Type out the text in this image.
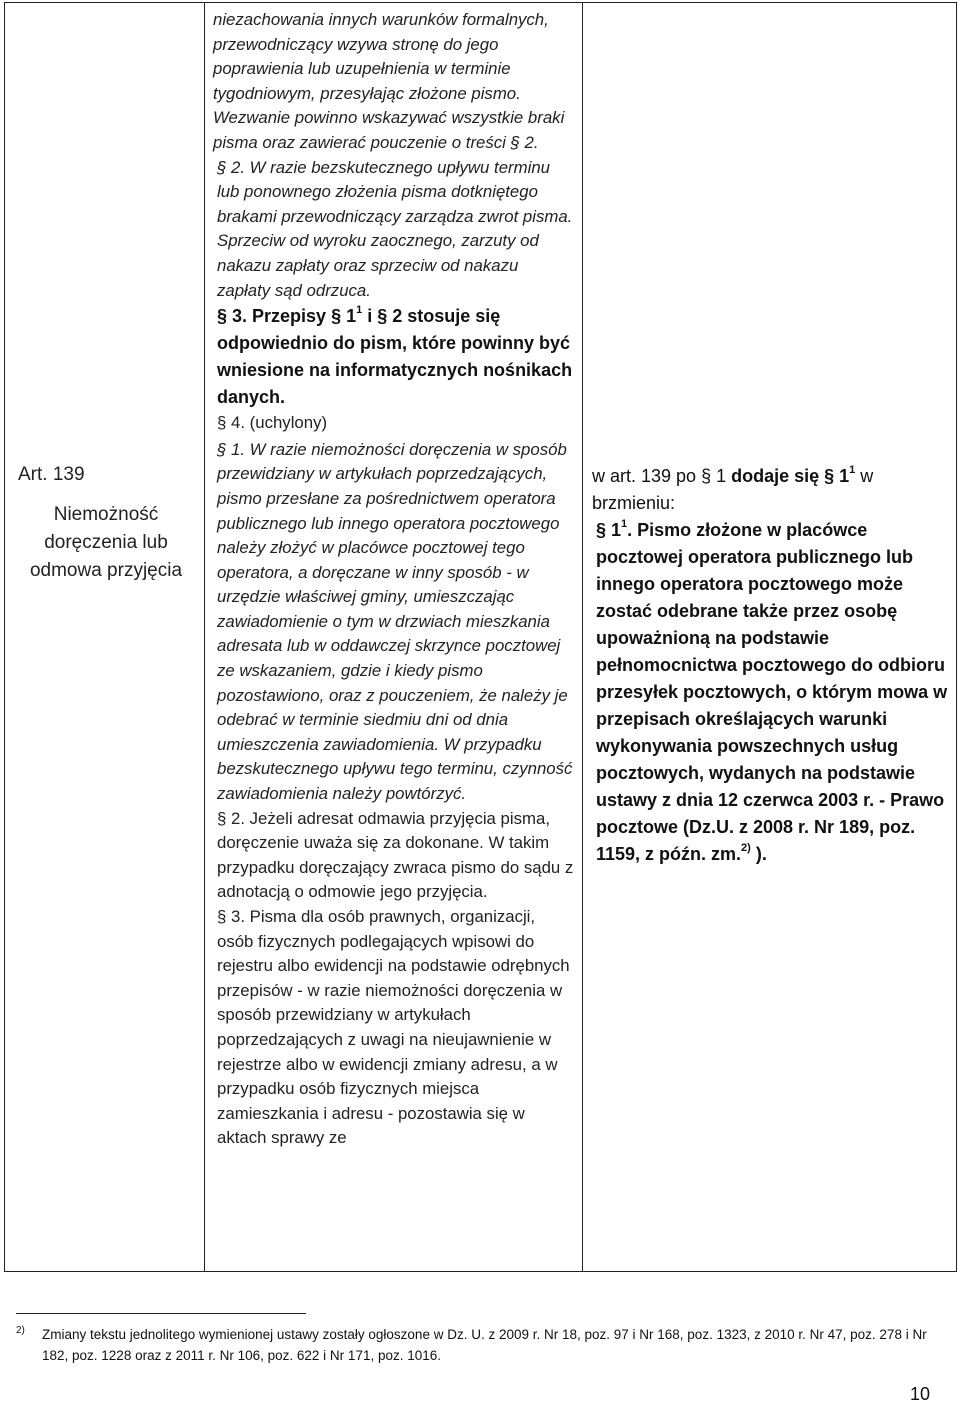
Art. 139
Niemożność doręczenia lub odmowa przyjęcia

niezachowania innych warunków formalnych, przewodniczący wzywa stronę do jego poprawienia lub uzupełnienia w terminie tygodniowym, przesyłając złożone pismo. Wezwanie powinno wskazywać wszystkie braki pisma oraz zawierać pouczenie o treści § 2.

§ 2. W razie bezskutecznego upływu terminu lub ponownego złożenia pisma dotkniętego brakami przewodniczący zarządza zwrot pisma. Sprzeciw od wyroku zaocznego, zarzuty od nakazu zapłaty oraz sprzeciw od nakazu zapłaty sąd odrzuca.

§ 3. Przepisy § $1^1$ i § 2 stosuje się odpowiednio do pism, które powinny być wniesione na informatycznych nośnikach danych.

§ 4. (uchylony)

§ 1. W razie niemożności doręczenia w sposób przewidziany w artykułach poprzedzających, pismo przesłane za pośrednictwem operatora publicznego lub innego operatora pocztowego należy złożyć w placówce pocztowej tego operatora, a doręczane w inny sposób - w urzędzie właściwej gminy, umieszczając zawiadomienie o tym w drzwiach mieszkania adresata lub w oddawczej skrzynce pocztowej ze wskazaniem, gdzie i kiedy pismo pozostawiono, oraz z pouczeniem, że należy je odebrać w terminie siedmiu dni od dnia umieszczenia zawiadomienia. W przypadku bezskutecznego upływu tego terminu, czynność zawiadomienia należy powtórzyć.

§ 2. Jeżeli adresat odmawia przyjęcia pisma, doręczenie uważa się za dokonane. W takim przypadku doręczający zwraca pismo do sądu z adnotacją o odmowie jego przyjęcia.

§ 3. Pisma dla osób prawnych, organizacji, osób fizycznych podlegających wpisowi do rejestru albo ewidencji na podstawie odrębnych przepisów - w razie niemożności doręczenia w sposób przewidziany w artykułach poprzedzających z uwagi na nieujawnienie w rejestrze albo w ewidencji zmiany adresu, a w przypadku osób fizycznych miejsca zamieszkania i adresu - pozostawia się w aktach sprawy ze

w art. 139 po § 1 dodaje się § $1^1$ w brzmieniu:

§ $1^1$. Pismo złożone w placówce pocztowej operatora publicznego lub innego operatora pocztowego może zostać odebrane także przez osobę upoważnioną na podstawie pełnomocnictwa pocztowego do odbioru przesyłek pocztowych, o którym mowa w przepisach określających warunki wykonywania powszechnych usług pocztowych, wydanych na podstawie ustawy z dnia 12 czerwca 2003 r. - Prawo pocztowe (Dz.U. z 2008 r. Nr 189, poz. 1159, z późn. zm.$^{2)}$ ).

2)	Zmiany tekstu jednolitego wymienionej ustawy zostały ogłoszone w Dz. U. z 2009 r. Nr 18, poz. 97 i Nr 168, poz. 1323, z 2010 r. Nr 47, poz. 278 i Nr 182, poz. 1228 oraz z 2011 r. Nr 106, poz. 622 i Nr 171, poz. 1016.
10
